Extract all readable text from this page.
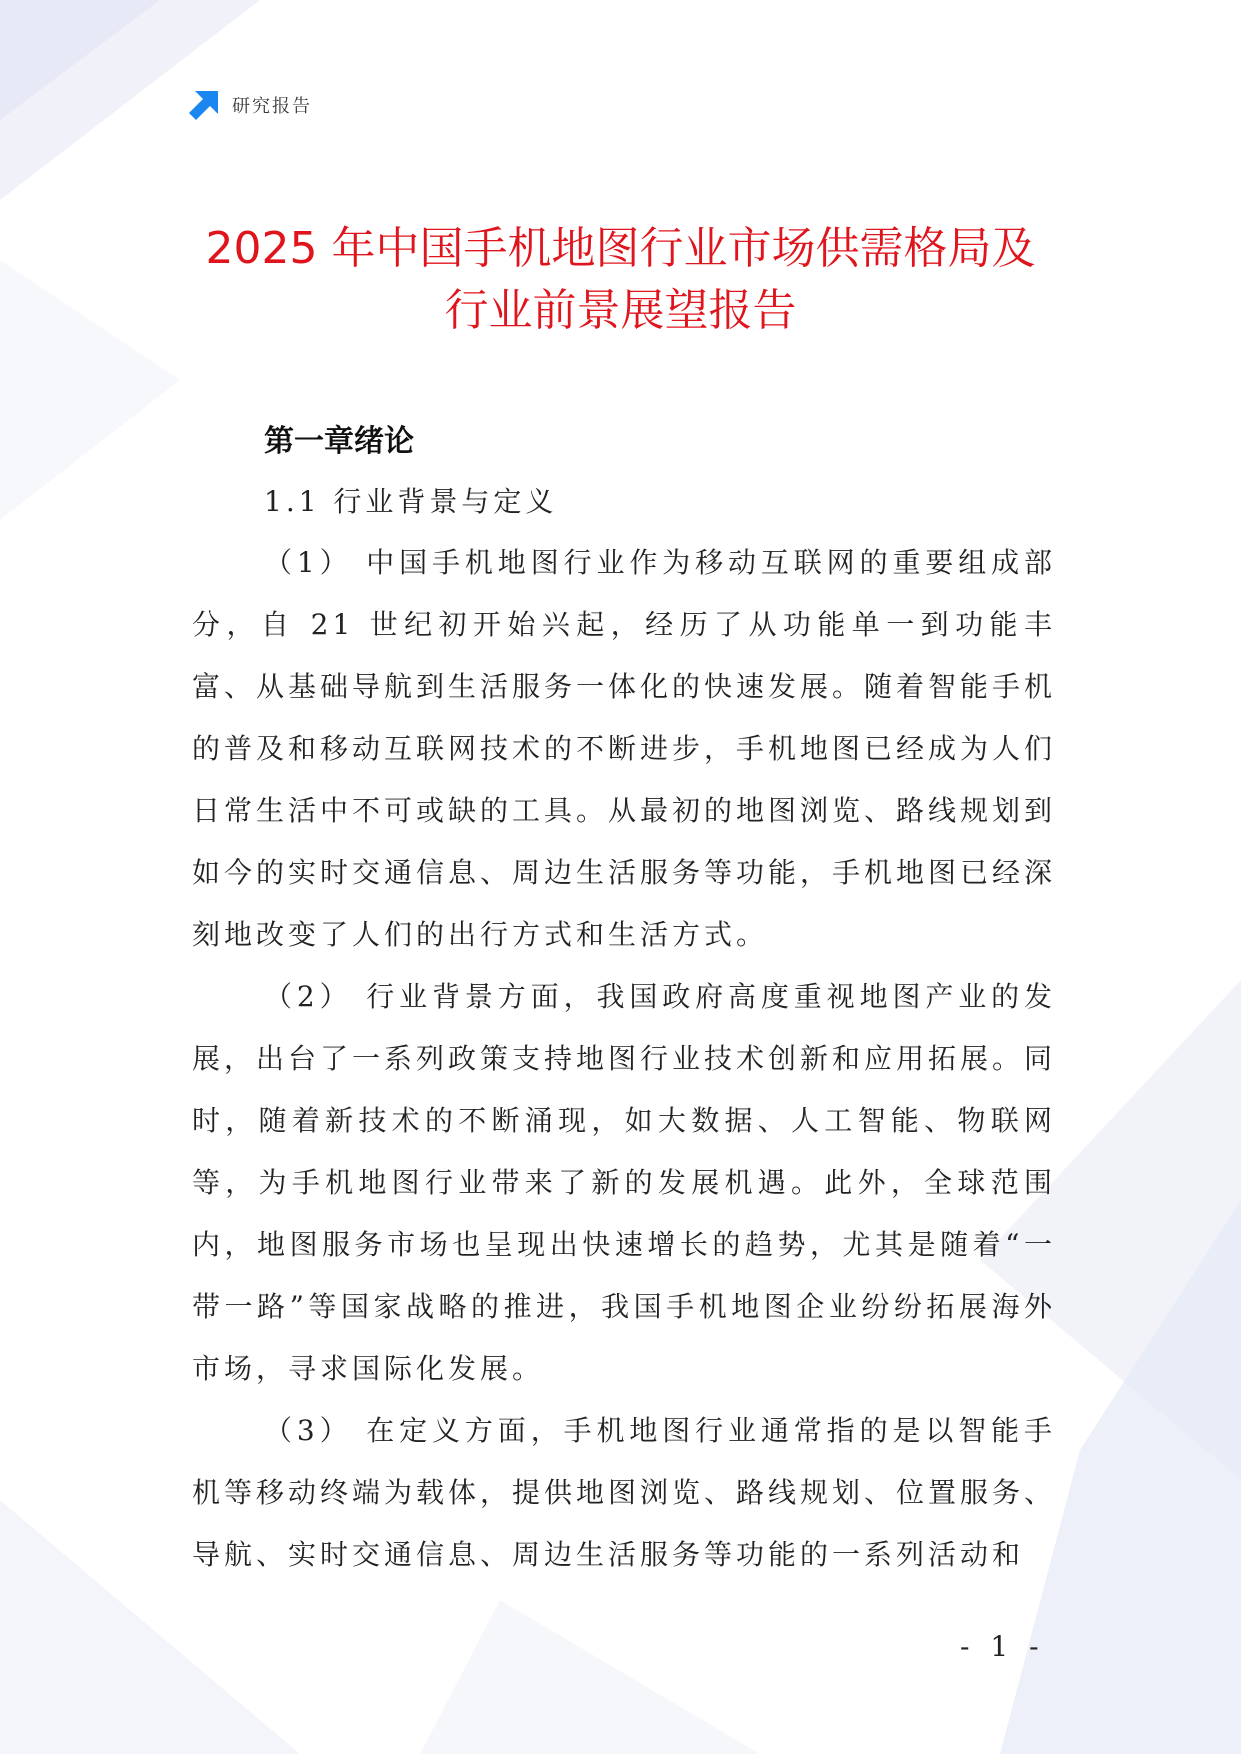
研究报告
2025 年中国手机地图行业市场供需格局及
行业前景展望报告

第一章绪论

1.1 行业背景与定义

（1） 中国手机地图行业作为移动互联网的重要组成部分，自 21 世纪初开始兴起，经历了从功能单一到功能丰富、从基础导航到生活服务一体化的快速发展。随着智能手机的普及和移动互联网技术的不断进步，手机地图已经成为人们日常生活中不可或缺的工具。从最初的地图浏览、路线规划到如今的实时交通信息、周边生活服务等功能，手机地图已经深刻地改变了人们的出行方式和生活方式。

（2） 行业背景方面，我国政府高度重视地图产业的发展，出台了一系列政策支持地图行业技术创新和应用拓展。同时，随着新技术的不断涌现，如大数据、人工智能、物联网等，为手机地图行业带来了新的发展机遇。此外，全球范围内，地图服务市场也呈现出快速增长的趋势，尤其是随着“一带一路”等国家战略的推进，我国手机地图企业纷纷拓展海外市场，寻求国际化发展。

（3） 在定义方面，手机地图行业通常指的是以智能手机等移动终端为载体，提供地图浏览、路线规划、位置服务、导航、实时交通信息、周边生活服务等功能的一系列活动和

- 1 -
